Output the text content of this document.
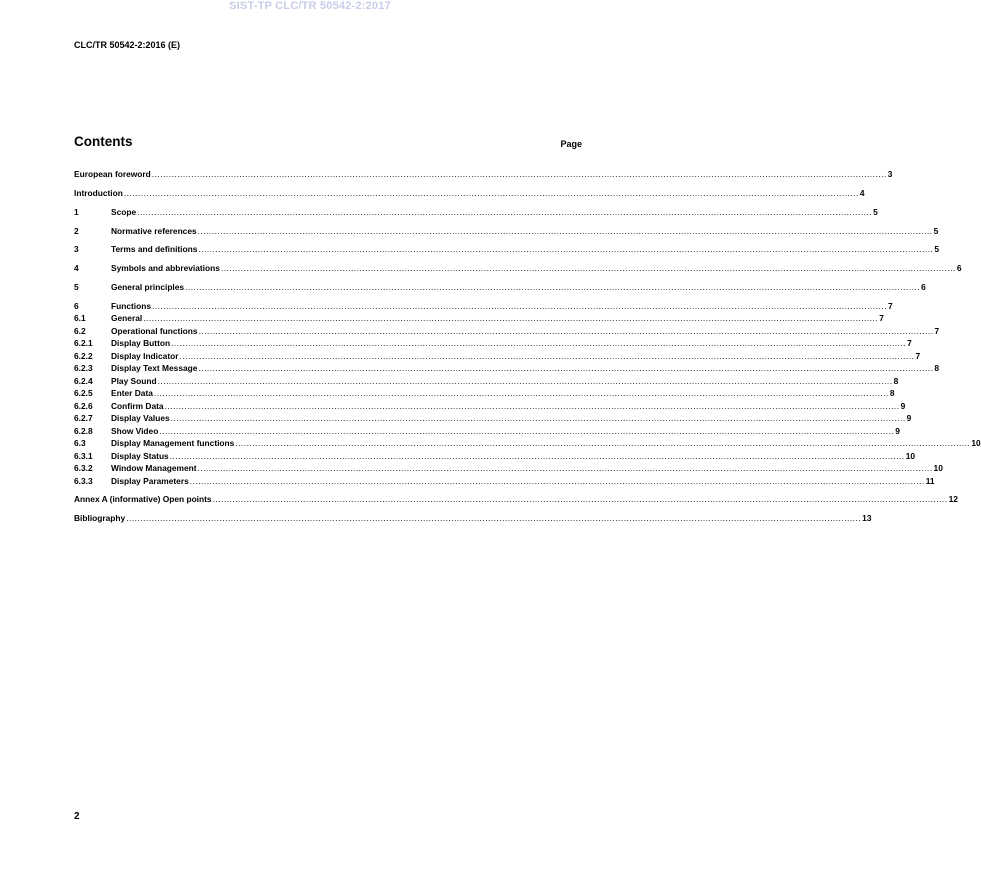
SIST-TP CLC/TR 50542-2:2017
CLC/TR 50542-2:2016 (E)
Contents	Page
European foreword .................................................................................................................................................................................................................................................................... 3
Introduction .................................................................................................................................................................................................................................................................... 4
1	Scope .................................................................................................................................................................................................................................................................... 5
2	Normative references .................................................................................................................................................................................................................................................................... 5
3	Terms and definitions .................................................................................................................................................................................................................................................................... 5
4	Symbols and abbreviations .................................................................................................................................................................................................................................................................... 6
5	General principles .................................................................................................................................................................................................................................................................... 6
6	Functions .................................................................................................................................................................................................................................................................... 7
6.1	General .................................................................................................................................................................................................................................................................... 7
6.2	Operational functions .................................................................................................................................................................................................................................................................... 7
6.2.1	Display Button .................................................................................................................................................................................................................................................................... 7
6.2.2	Display Indicator .................................................................................................................................................................................................................................................................... 7
6.2.3	Display Text Message .................................................................................................................................................................................................................................................................... 8
6.2.4	Play Sound .................................................................................................................................................................................................................................................................... 8
6.2.5	Enter Data .................................................................................................................................................................................................................................................................... 8
6.2.6	Confirm Data .................................................................................................................................................................................................................................................................... 9
6.2.7	Display Values .................................................................................................................................................................................................................................................................... 9
6.2.8	Show Video .................................................................................................................................................................................................................................................................... 9
6.3	Display Management functions .................................................................................................................................................................................................................................................................... 10
6.3.1	Display Status .................................................................................................................................................................................................................................................................... 10
6.3.2	Window Management .................................................................................................................................................................................................................................................................... 10
6.3.3	Display Parameters .................................................................................................................................................................................................................................................................... 11
Annex A (informative) Open points .................................................................................................................................................................................................................................................................... 12
Bibliography .................................................................................................................................................................................................................................................................... 13
2
